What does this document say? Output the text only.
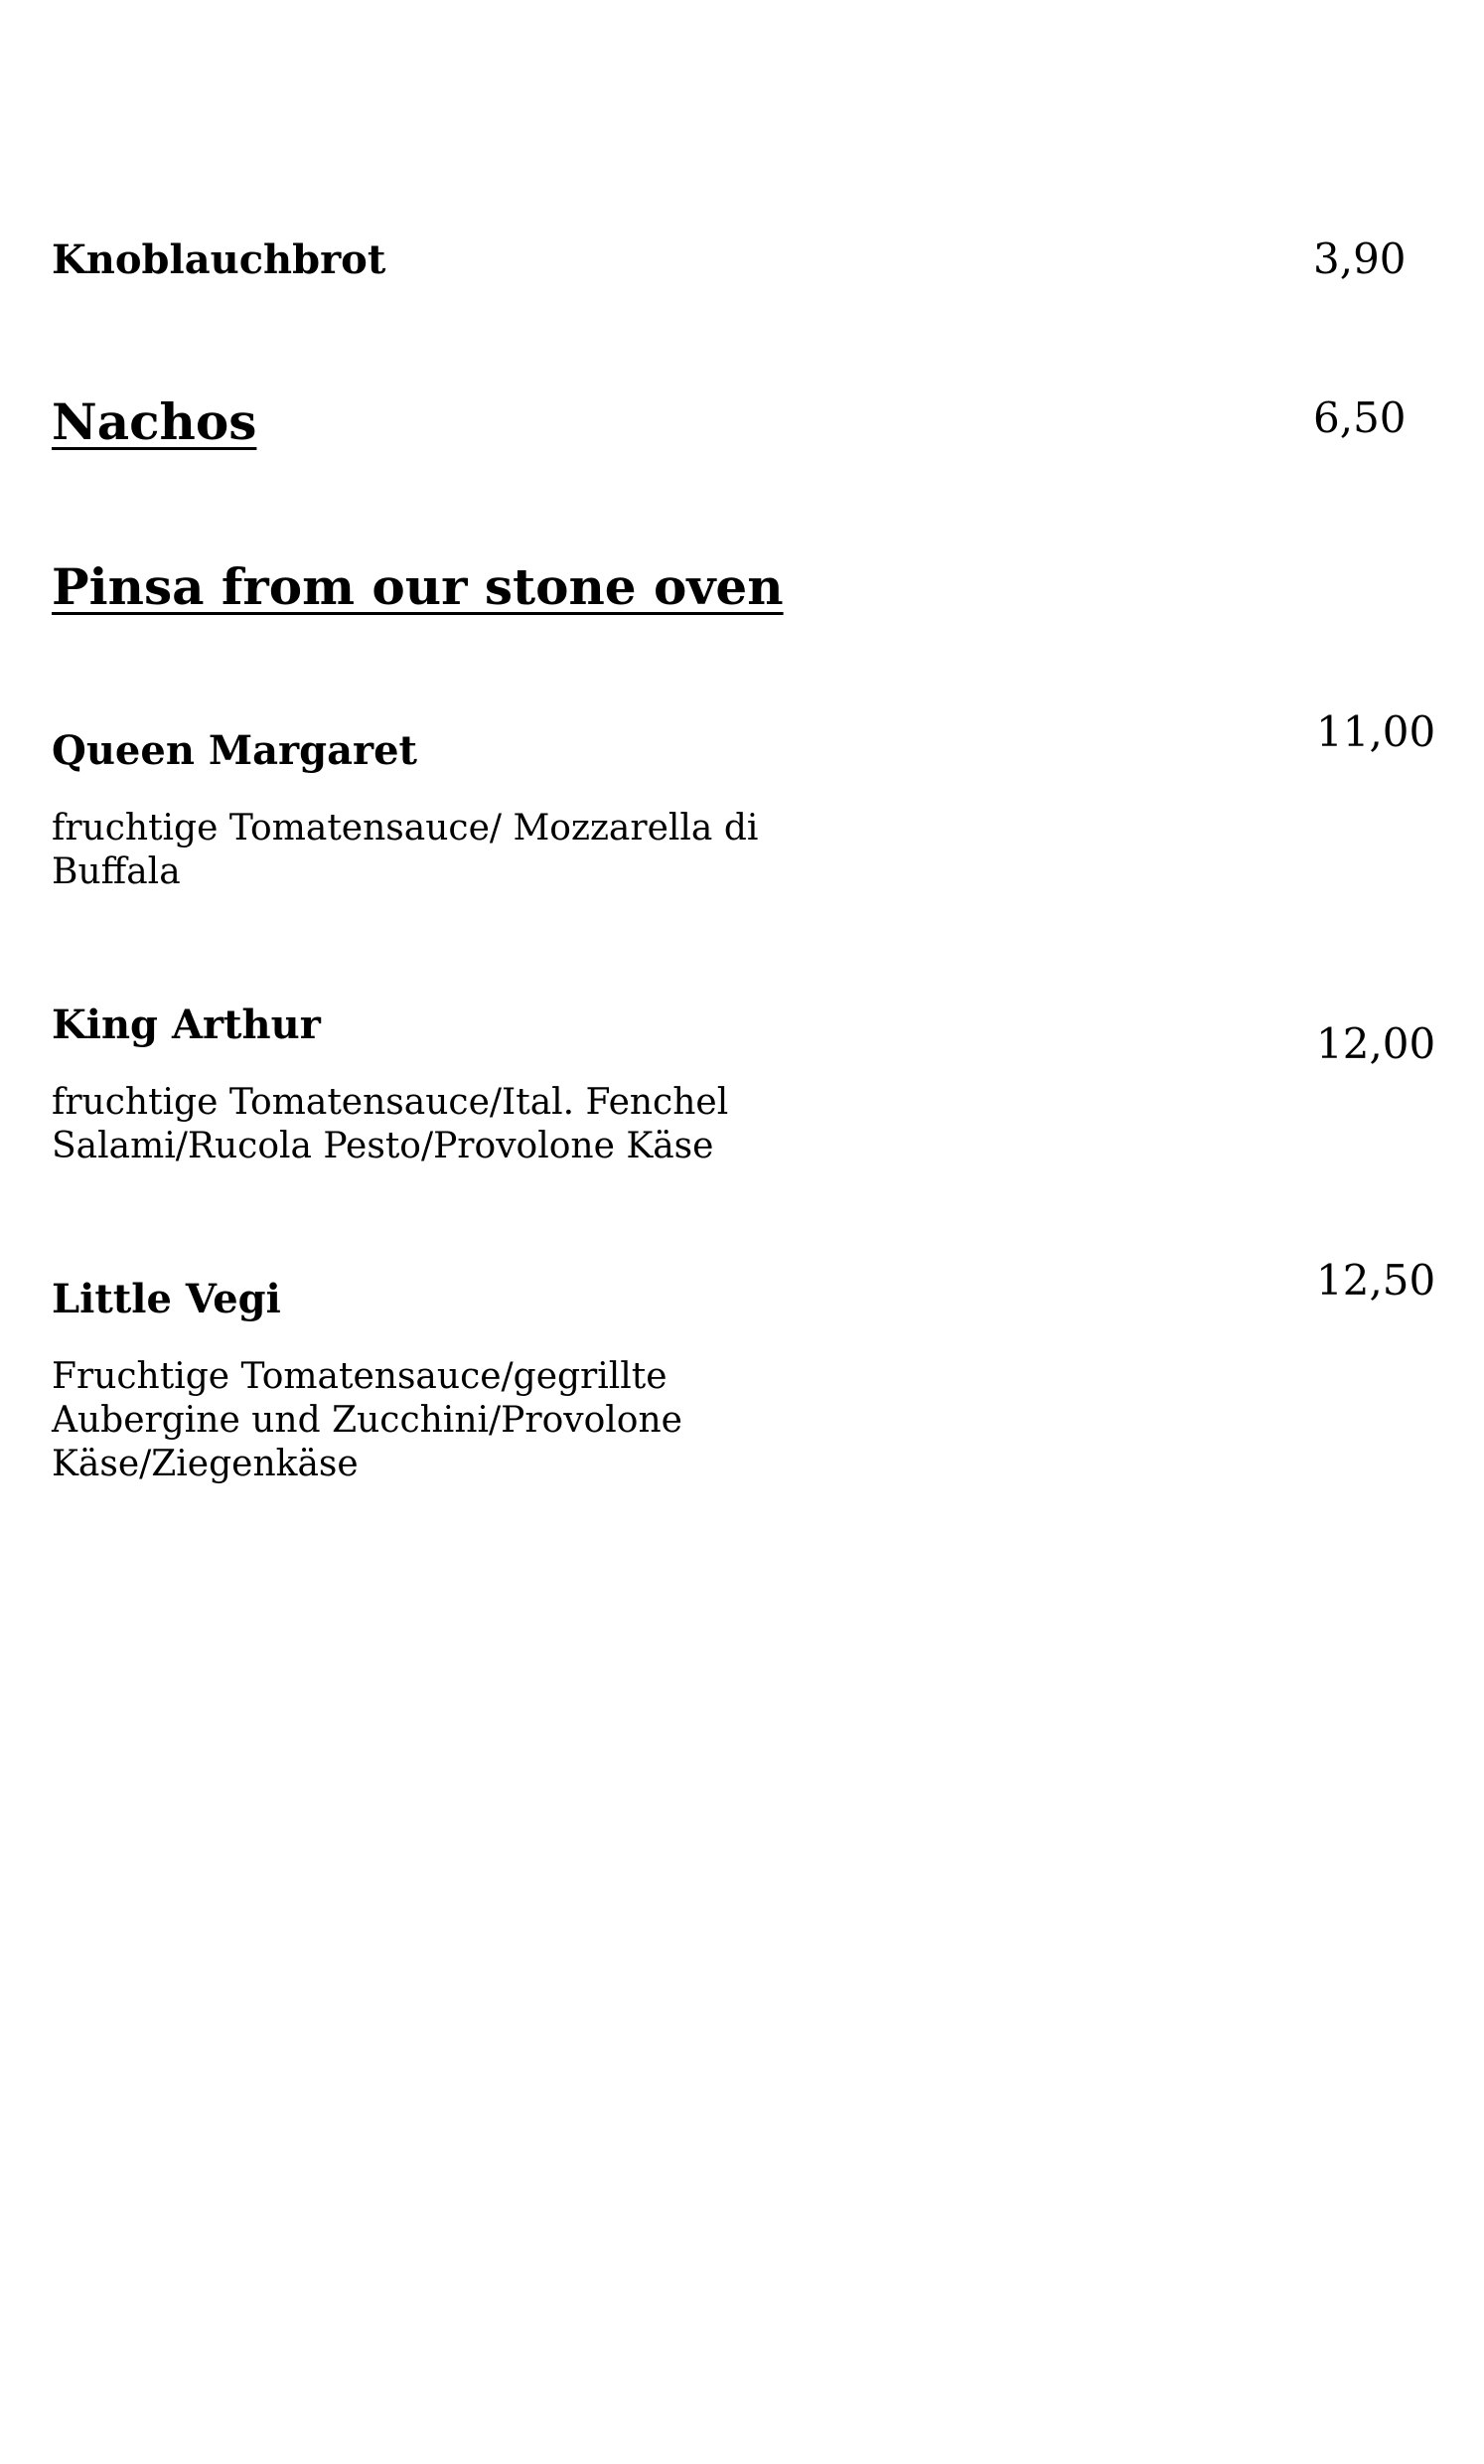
Knoblauchbrot	3,90
Nachos	6,50
Pinsa from our stone oven
Queen Margaret	11,00
fruchtige Tomatensauce/ Mozzarella di
Buffala
King Arthur	12,00
fruchtige Tomatensauce/Ital. Fenchel
Salami/Rucola Pesto/Provolone Käse
Little Vegi	12,50
Fruchtige Tomatensauce/gegrillte
Aubergine und Zucchini/Provolone
Käse/Ziegenkäse
